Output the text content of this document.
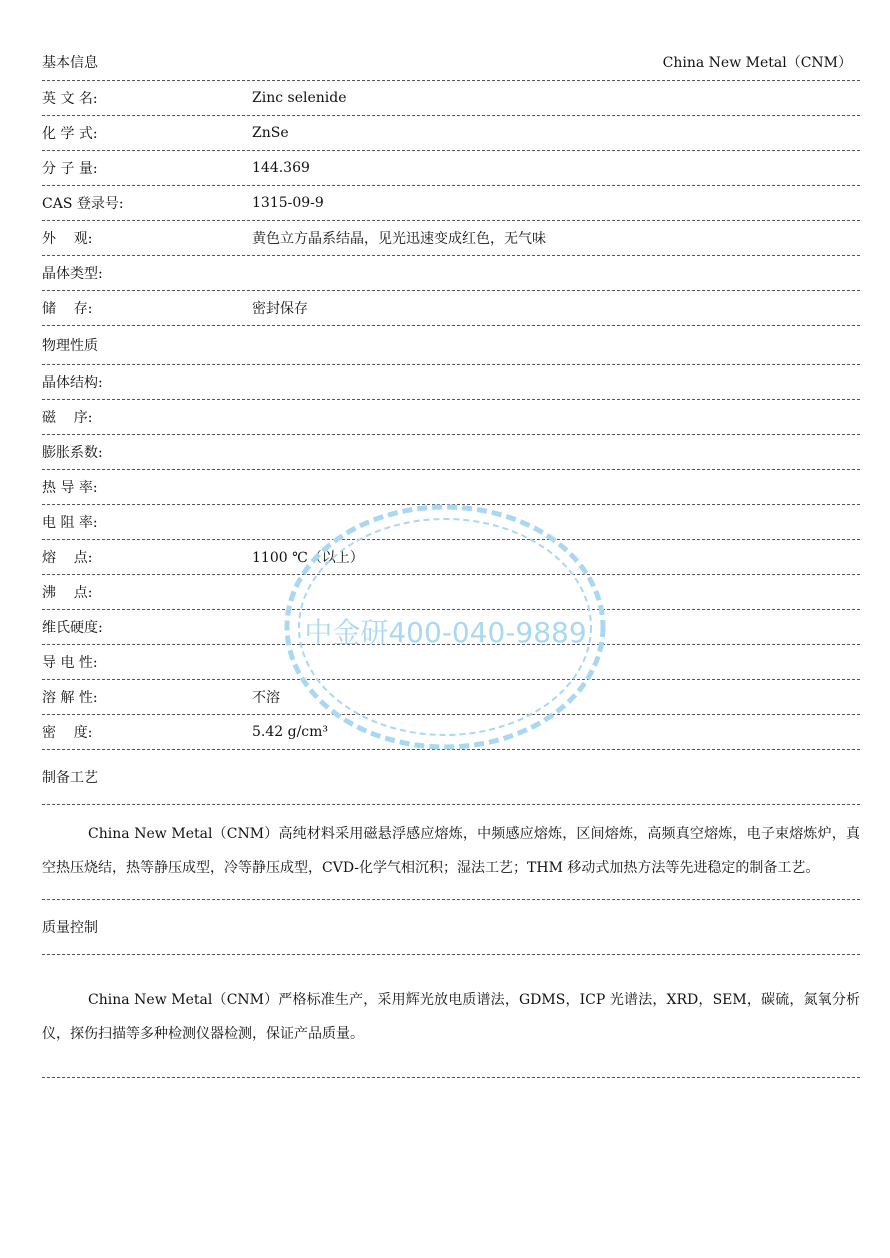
基本信息	China New Metal（CNM）
英 文 名:	Zinc selenide
化 学 式:	ZnSe
分 子 量:	144.369
CAS 登录号:	1315-09-9
外    观:	黄色立方晶系结晶，见光迅速变成红色，无气味
晶体类型:
储    存:	密封保存
物理性质
晶体结构:
磁    序:
膨胀系数:
热 导 率:
电 阻 率:
熔    点:	1100 ℃（以上）
沸    点:
维氏硬度:
导 电 性:
溶 解 性:	不溶
密    度:	5.42 g/cm³
制备工艺

China New Metal（CNM）高纯材料采用磁悬浮感应熔炼，中频感应熔炼，区间熔炼，高频真空熔炼，电子束熔炼炉，真空热压烧结，热等静压成型，冷等静压成型，CVD-化学气相沉积；湿法工艺；THM 移动式加热方法等先进稳定的制备工艺。

质量控制

China New Metal（CNM）严格标准生产，采用辉光放电质谱法，GDMS，ICP 光谱法，XRD，SEM，碳硫，氮氧分析仪，探伤扫描等多种检测仪器检测，保证产品质量。

中金研400-040-9889
